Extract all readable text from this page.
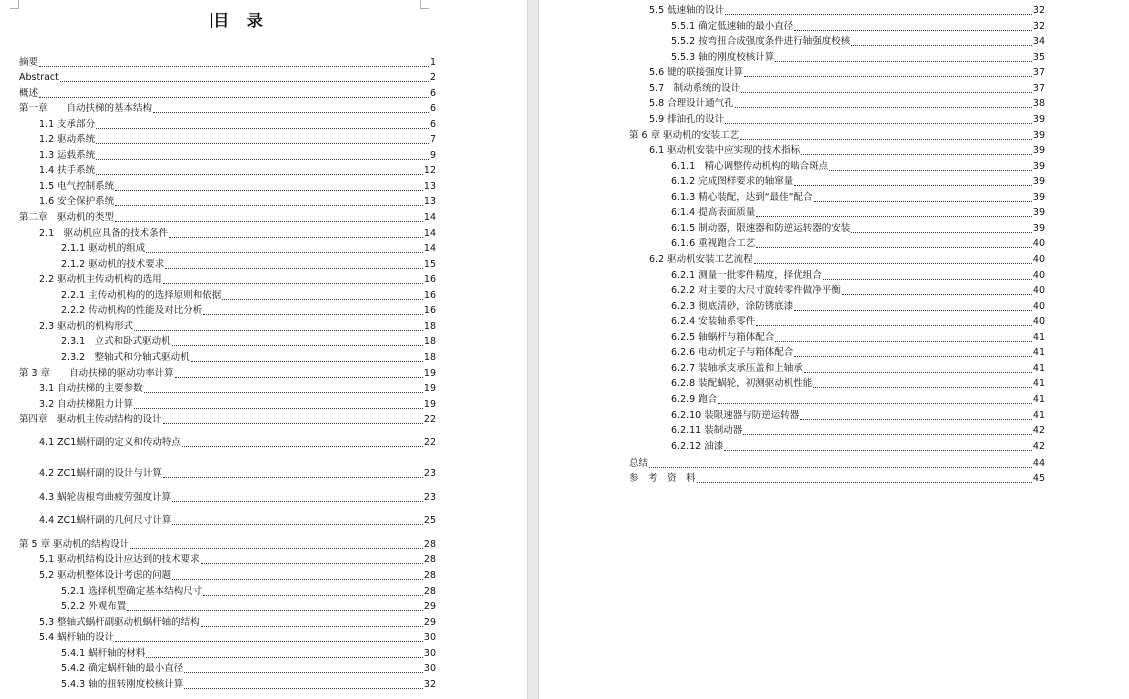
目 录
摘要	1
Abstract	2
概述	6
第一章　　自动扶梯的基本结构	6
1.1 支承部分	6
1.2 驱动系统	7
1.3 运载系统	9
1.4 扶手系统	12
1.5 电气控制系统	13
1.6 安全保护系统	13
第二章　驱动机的类型	14
2.1　驱动机应具备的技术条件	14
2.1.1 驱动机的组成	14
2.1.2 驱动机的技术要求	15
2.2 驱动机主传动机构的选用	16
2.2.1 主传动机构的的选择原则和依据	16
2.2.2 传动机构的性能及对比分析	16
2.3 驱动机的机构形式	18
2.3.1　立式和卧式驱动机	18
2.3.2　整轴式和分轴式驱动机	18
第 3 章　　自动扶梯的驱动功率计算	19
3.1 自动扶梯的主要参数	19
3.2 自动扶梯阻力计算	19
第四章　驱动机主传动结构的设计	22
4.1 ZC1蜗杆副的定义和传动特点	22
4.2 ZC1蜗杆副的设计与计算	23
4.3 蜗轮齿根弯曲疲劳强度计算	23
4.4 ZC1蜗杆副的几何尺寸计算	25
第 5 章 驱动机的结构设计	28
5.1 驱动机结构设计应达到的技术要求	28
5.2 驱动机整体设计考虑的问题	28
5.2.1 选择机型确定基本结构尺寸	28
5.2.2 外观布置	29
5.3 整轴式蜗杆副驱动机蜗杆轴的结构	29
5.4 蜗杆轴的设计	30
5.4.1 蜗杆轴的材料	30
5.4.2 确定蜗杆轴的最小直径	30
5.4.3 轴的扭转刚度校核计算	32
5.5 低速轴的设计	32
5.5.1 确定低速轴的最小直径	32
5.5.2 按弯扭合成强度条件进行轴强度校核	34
5.5.3 轴的刚度校核计算	35
5.6 键的联接强度计算	37
5.7　制动系统的设计	37
5.8 合理设计通气孔	38
5.9 排油孔的设计	39
第 6 章 驱动机的安装工艺	39
6.1 驱动机安装中应实现的技术指标	39
6.1.1　精心调整传动机构的啮合斑点	39
6.1.2 完成图样要求的轴窜量	39
6.1.3 精心装配，达到“最佳”配合	39
6.1.4 提高表面质量	39
6.1.5 制动器，限速器和防逆运转器的安装	39
6.1.6 重视跑合工艺	40
6.2 驱动机安装工艺流程	40
6.2.1 测量一批零件精度，择优组合	40
6.2.2 对主要的大尺寸旋转零件做净平衡	40
6.2.3 彻底清砂，涂防锈底漆	40
6.2.4 安装轴系零件	40
6.2.5 轴蜗杆与箱体配合	41
6.2.6 电动机定子与箱体配合	41
6.2.7 装轴承支承压盖和上轴承	41
6.2.8 装配蜗轮，初测驱动机性能	41
6.2.9 跑合	41
6.2.10 装限速器与防逆运转器	41
6.2.11 装制动器	42
6.2.12 油漆	42
总结	44
参　考　资　料	45
